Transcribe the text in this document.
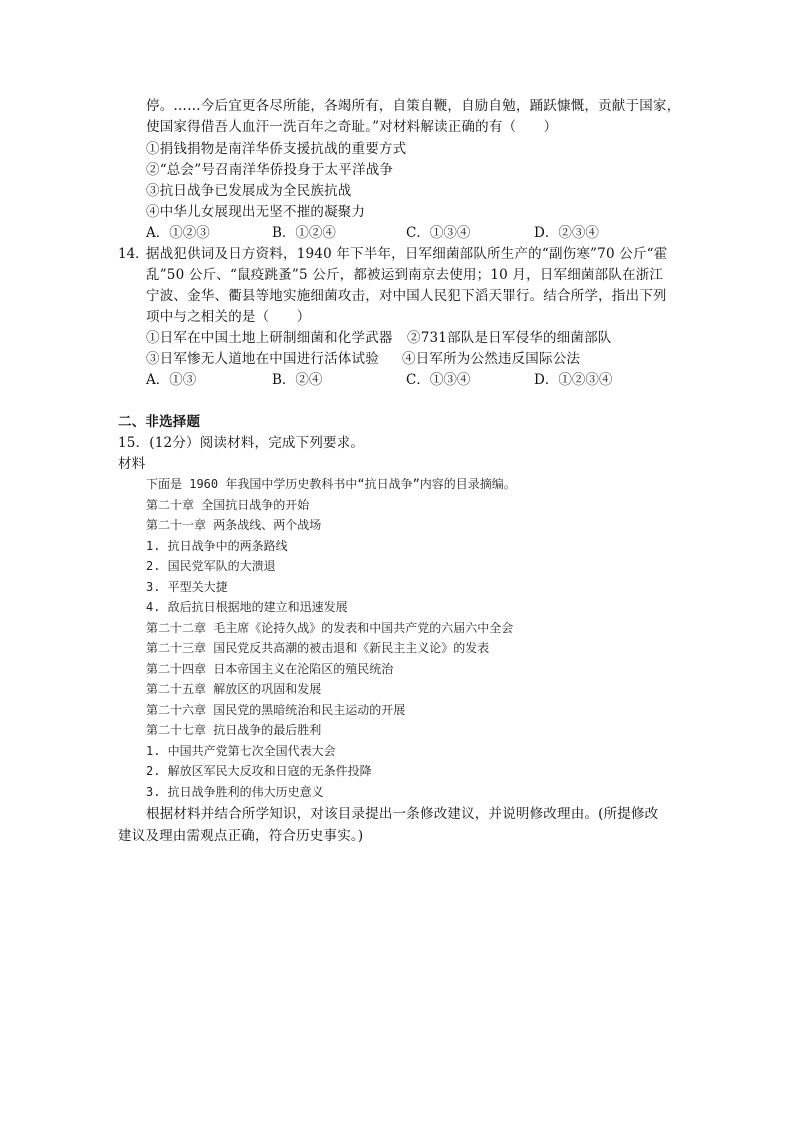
停。……今后宜更各尽所能，各竭所有，自策自鞭，自励自勉，踊跃慷慨，贡献于国家，
使国家得借吾人血汗一洗百年之奇耻。”对材料解读正确的有（　　）
①捐钱捐物是南洋华侨支援抗战的重要方式
②“总会”号召南洋华侨投身于太平洋战争
③抗日战争已发展成为全民族抗战
④中华儿女展现出无坚不摧的凝聚力
A．①②③	B．①②④	C．①③④	D．②③④
14．
据战犯供词及日方资料，1940 年下半年，日军细菌部队所生产的“副伤寒”70 公斤“霍
乱”50 公斤、“鼠疫跳蚤”5 公斤，都被运到南京去使用；10 月，日军细菌部队在浙江
宁波、金华、衢县等地实施细菌攻击，对中国人民犯下滔天罪行。结合所学，指出下列
项中与之相关的是（　　）
①日军在中国土地上研制细菌和化学武器 ②731部队是日军侵华的细菌部队
③日军惨无人道地在中国进行活体试验 ④日军所为公然违反国际公法
A．①③	B．②④	C．①③④	D．①②③④
二、非选择题
15．(12分）阅读材料，完成下列要求。
材料
下面是 1960 年我国中学历史教科书中“抗日战争”内容的目录摘编。
第二十章 全国抗日战争的开始
第二十一章 两条战线、两个战场
1. 抗日战争中的两条路线
2. 国民党军队的大溃退
3. 平型关大捷
4. 敌后抗日根据地的建立和迅速发展
第二十二章 毛主席《论持久战》的发表和中国共产党的六届六中全会
第二十三章 国民党反共高潮的被击退和《新民主主义论》的发表
第二十四章 日本帝国主义在沦陷区的殖民统治
第二十五章 解放区的巩固和发展
第二十六章 国民党的黑暗统治和民主运动的开展
第二十七章 抗日战争的最后胜利
1. 中国共产党第七次全国代表大会
2. 解放区军民大反攻和日寇的无条件投降
3. 抗日战争胜利的伟大历史意义
根据材料并结合所学知识，对该目录提出一条修改建议，并说明修改理由。(所提修改
建议及理由需观点正确，符合历史事实。)
